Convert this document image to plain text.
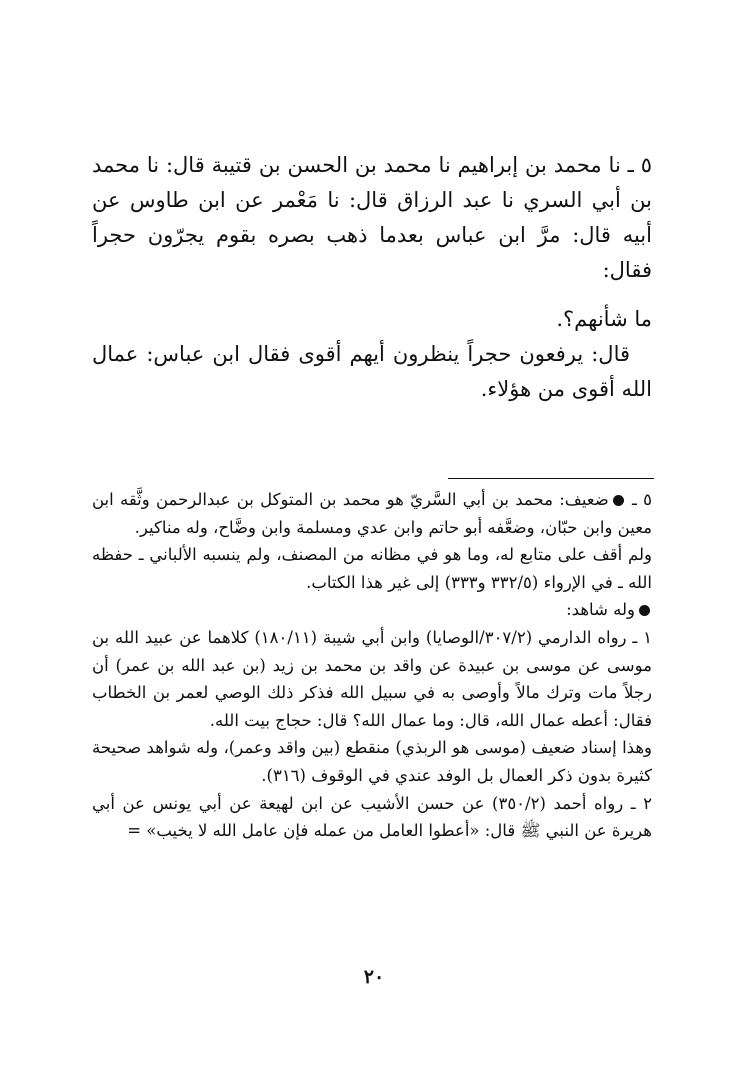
٥ ـ نا محمد بن إبراهيم نا محمد بن الحسن بن قتيبة قال: نا محمد بن أبي السري نا عبد الرزاق قال: نا مَعْمر عن ابن طاوس عن أبيه قال: مرَّ ابن عباس بعدما ذهب بصره بقوم يجرّون حجراً فقال:

ما شأنهم؟.

قال: يرفعون حجراً ينظرون أيهم أقوى فقال ابن عباس: عمال الله أقوى من هؤلاء.

٥ ـ ضعيف: محمد بن أبي السَّريّ هو محمد بن المتوكل بن عبدالرحمن وثَّقه ابن معين وابن حبّان، وضعَّفه أبو حاتم وابن عدي ومسلمة وابن وضَّاح، وله مناكير.

ولم أقف على متابع له، وما هو في مظانه من المصنف، ولم ينسبه الألباني ـ حفظه الله ـ في الإرواء (٣٣٢/٥ و٣٣٣) إلى غير هذا الكتاب.

وله شاهد:

١ ـ رواه الدارمي (٣٠٧/٢/الوصايا) وابن أبي شيبة (١٨٠/١١) كلاهما عن عبيد الله بن موسى عن موسى بن عبيدة عن واقد بن محمد بن زيد (بن عبد الله بن عمر) أن رجلاً مات وترك مالاً وأوصى به في سبيل الله فذكر ذلك الوصي لعمر بن الخطاب فقال: أعطه عمال الله، قال: وما عمال الله؟ قال: حجاج بيت الله.

وهذا إسناد ضعيف (موسى هو الربذي) منقطع (بين واقد وعمر)، وله شواهد صحيحة كثيرة بدون ذكر العمال بل الوفد عندي في الوقوف (٣١٦).

٢ ـ رواه أحمد (٣٥٠/٢) عن حسن الأشيب عن ابن لهيعة عن أبي يونس عن أبي هريرة عن النبي ﷺ قال: «أعطوا العامل من عمله فإن عامل الله لا يخيب» =

٢٠
